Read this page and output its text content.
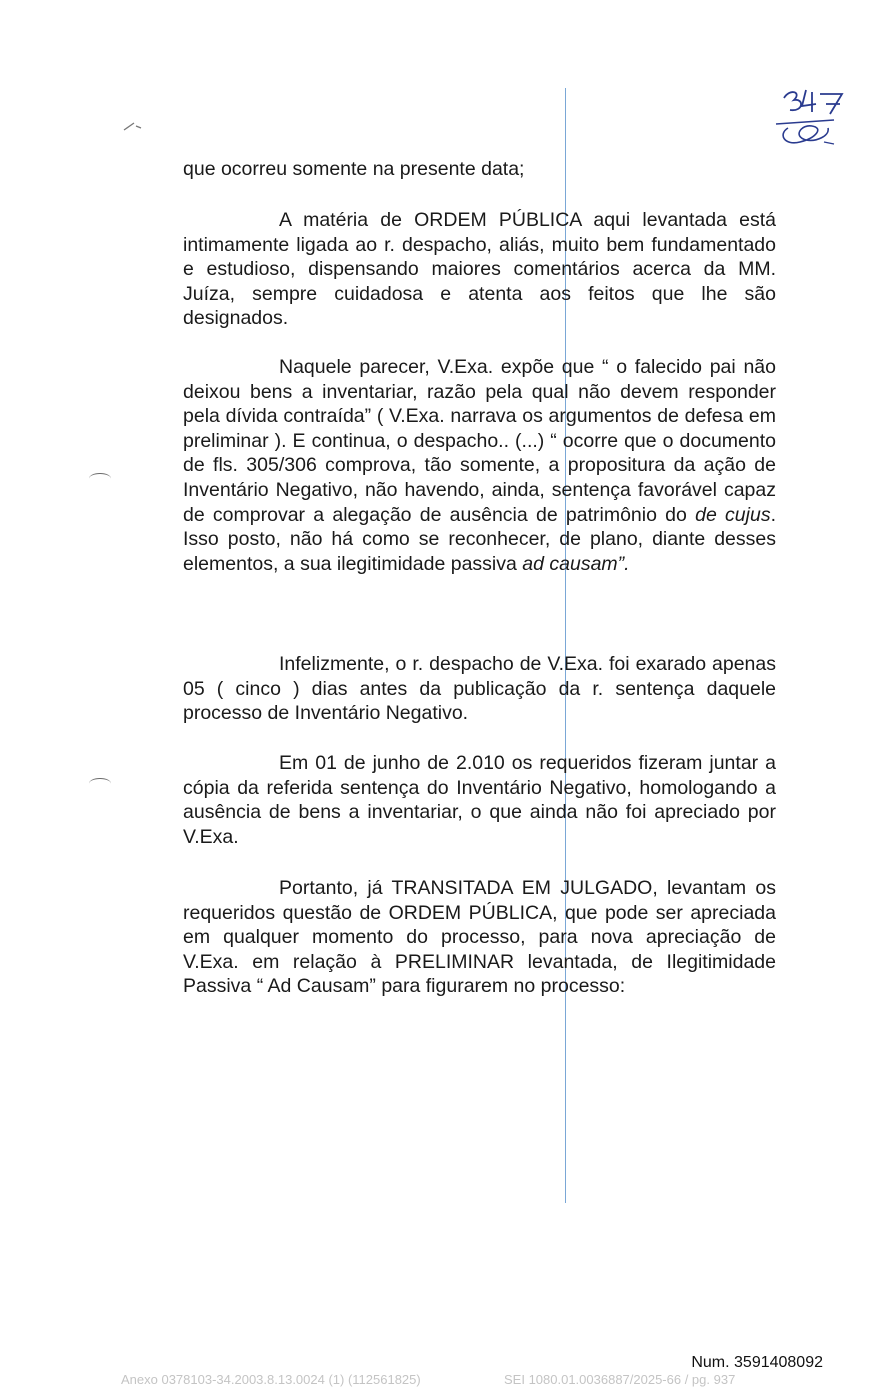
que ocorreu somente na presente data;

A matéria de ORDEM PÚBLICA aqui levantada está intimamente ligada ao r. despacho, aliás, muito bem fundamentado e estudioso, dispensando maiores comentários acerca da MM. Juíza, sempre cuidadosa e atenta aos feitos que lhe são designados.

Naquele parecer, V.Exa. expõe que “ o falecido pai não deixou bens a inventariar, razão pela qual não devem responder pela dívida contraída” ( V.Exa. narrava os argumentos de defesa em preliminar ). E continua, o despacho.. (...) “ ocorre que o documento de fls. 305/306 comprova, tão somente, a propositura da ação de Inventário Negativo, não havendo, ainda, sentença favorável capaz de comprovar a alegação de ausência de patrimônio do de cujus. Isso posto, não há como se reconhecer, de plano, diante desses elementos, a sua ilegitimidade passiva ad causam”.

Infelizmente, o r. despacho de V.Exa. foi exarado apenas 05 ( cinco ) dias antes da publicação da r. sentença daquele processo de Inventário Negativo.

Em 01 de junho de 2.010 os requeridos fizeram juntar a cópia da referida sentença do Inventário Negativo, homologando a ausência de bens a inventariar, o que ainda não foi apreciado por V.Exa.

Portanto, já TRANSITADA EM JULGADO, levantam os requeridos questão de ORDEM PÚBLICA, que pode ser apreciada em qualquer momento do processo, para nova apreciação de V.Exa. em relação à PRELIMINAR levantada, de Ilegitimidade Passiva “ Ad Causam” para figurarem no processo:

Num. 3591408092
Anexo 0378103-34.2003.8.13.0024 (1) (112561825)	SEI 1080.01.0036887/2025-66 / pg. 937
